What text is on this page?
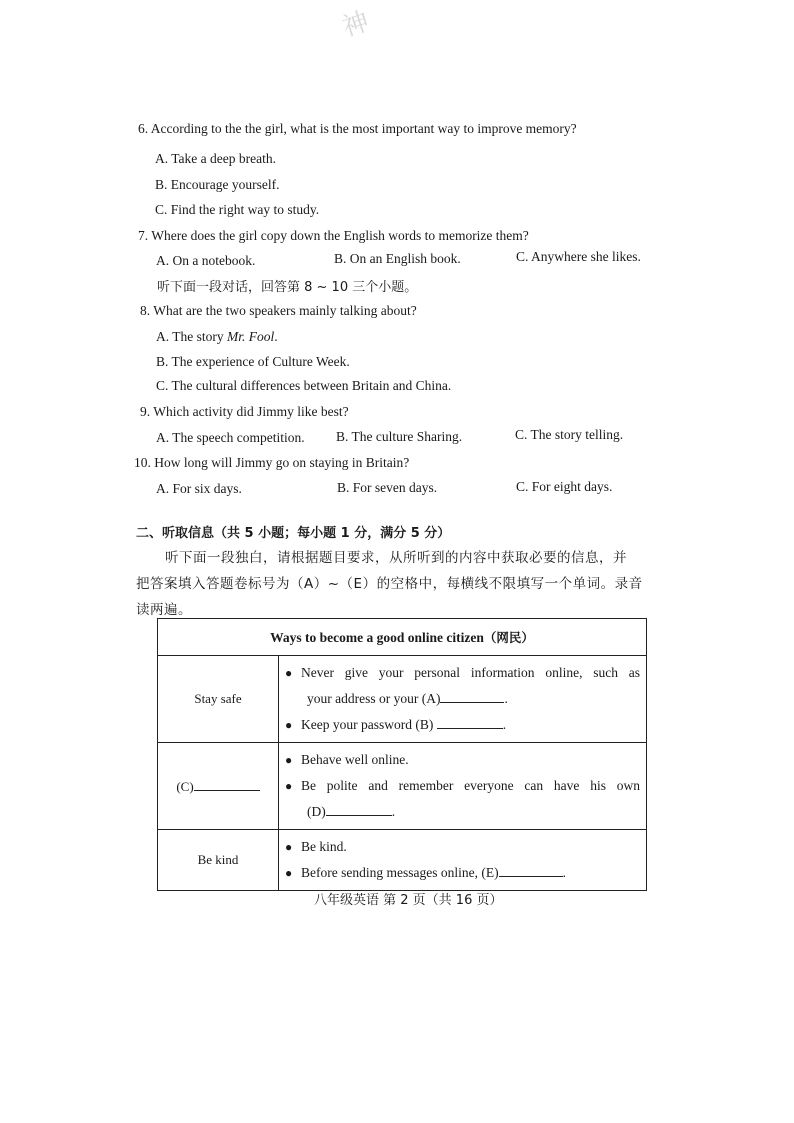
神
6. According to the the girl, what is the most important way to improve memory?
A. Take a deep breath.
B. Encourage yourself.
C. Find the right way to study.
7. Where does the girl copy down the English words to memorize them?
A. On a notebook.	B. On an English book.	C. Anywhere she likes.
听下面一段对话，回答第 8 ~ 10 三个小题。
8. What are the two speakers mainly talking about?
A. The story Mr. Fool.
B. The experience of Culture Week.
C. The cultural differences between Britain and China.
9. Which activity did Jimmy like best?
A. The speech competition. B. The culture Sharing.	C. The story telling.
10. How long will Jimmy go on staying in Britain?
A. For six days.	B. For seven days.	C. For eight days.
二、听取信息（共 5 小题；每小题 1 分，满分 5 分）
听下面一段独白，请根据题目要求，从所听到的内容中获取必要的信息，并
把答案填入答题卷标号为（A）~（E）的空格中，每横线不限填写一个单词。录音
读两遍。
Ways to become a good online citizen（网民）	
Stay safe	● Never give your personal information online, such as
your address or your (A) .
● Keep your password (B) .

(C)	● Behave well online.
● Be polite and remember everyone can have his own
(D) .

Be kind	● Be kind.
● Before sending messages online, (E) .
八年级英语 第 2 页（共 16 页）
